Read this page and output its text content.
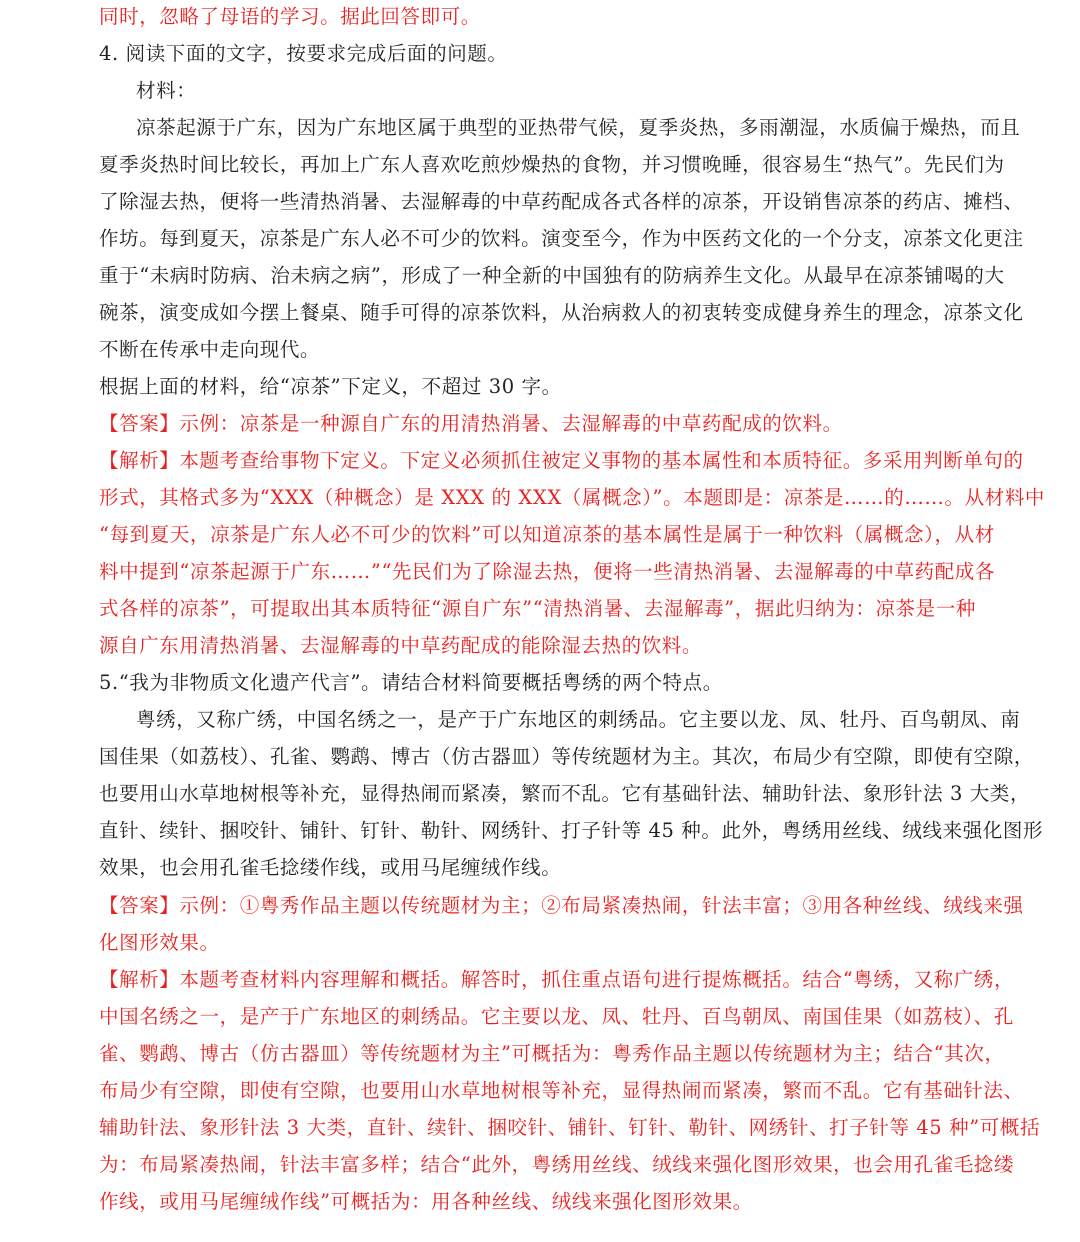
同时，忽略了母语的学习。据此回答即可。
4. 阅读下面的文字，按要求完成后面的问题。
材料：
凉茶起源于广东，因为广东地区属于典型的亚热带气候，夏季炎热，多雨潮湿，水质偏于燥热，而且
夏季炎热时间比较长，再加上广东人喜欢吃煎炒燥热的食物，并习惯晚睡，很容易生“热气”。先民们为
了除湿去热，便将一些清热消暑、去湿解毒的中草药配成各式各样的凉茶，开设销售凉茶的药店、摊档、
作坊。每到夏天，凉茶是广东人必不可少的饮料。演变至今，作为中医药文化的一个分支，凉茶文化更注
重于“未病时防病、治未病之病”，形成了一种全新的中国独有的防病养生文化。从最早在凉茶铺喝的大
碗茶，演变成如今摆上餐桌、随手可得的凉茶饮料，从治病救人的初衷转变成健身养生的理念，凉茶文化
不断在传承中走向现代。
根据上面的材料，给“凉茶”下定义，不超过 30 字。
【答案】示例：凉茶是一种源自广东的用清热消暑、去湿解毒的中草药配成的饮料。
【解析】本题考查给事物下定义。下定义必须抓住被定义事物的基本属性和本质特征。多采用判断单句的
形式，其格式多为“XXX（种概念）是 XXX 的 XXX（属概念）”。本题即是：凉茶是……的……。从材料中
“每到夏天，凉茶是广东人必不可少的饮料”可以知道凉茶的基本属性是属于一种饮料（属概念），从材
料中提到“凉茶起源于广东……”“先民们为了除湿去热，便将一些清热消暑、去湿解毒的中草药配成各
式各样的凉茶”，可提取出其本质特征“源自广东”“清热消暑、去湿解毒”，据此归纳为：凉茶是一种
源自广东用清热消暑、去湿解毒的中草药配成的能除湿去热的饮料。
5.“我为非物质文化遗产代言”。请结合材料简要概括粤绣的两个特点。
粤绣，又称广绣，中国名绣之一，是产于广东地区的刺绣品。它主要以龙、凤、牡丹、百鸟朝凤、南
国佳果（如荔枝）、孔雀、鹦鹉、博古（仿古器皿）等传统题材为主。其次，布局少有空隙，即使有空隙，
也要用山水草地树根等补充，显得热闹而紧凑，繁而不乱。它有基础针法、辅助针法、象形针法 3 大类，
直针、续针、捆咬针、铺针、钉针、勒针、网绣针、打子针等 45 种。此外，粤绣用丝线、绒线来强化图形
效果，也会用孔雀毛捻缕作线，或用马尾缠绒作线。
【答案】示例：①粤秀作品主题以传统题材为主；②布局紧凑热闹，针法丰富；③用各种丝线、绒线来强
化图形效果。
【解析】本题考查材料内容理解和概括。解答时，抓住重点语句进行提炼概括。结合“粤绣，又称广绣，
中国名绣之一，是产于广东地区的刺绣品。它主要以龙、凤、牡丹、百鸟朝凤、南国佳果（如荔枝）、孔
雀、鹦鹉、博古（仿古器皿）等传统题材为主”可概括为：粤秀作品主题以传统题材为主；结合“其次，
布局少有空隙，即使有空隙，也要用山水草地树根等补充，显得热闹而紧凑，繁而不乱。它有基础针法、
辅助针法、象形针法 3 大类，直针、续针、捆咬针、铺针、钉针、勒针、网绣针、打子针等 45 种”可概括
为：布局紧凑热闹，针法丰富多样；结合“此外，粤绣用丝线、绒线来强化图形效果，也会用孔雀毛捻缕
作线，或用马尾缠绒作线”可概括为：用各种丝线、绒线来强化图形效果。
